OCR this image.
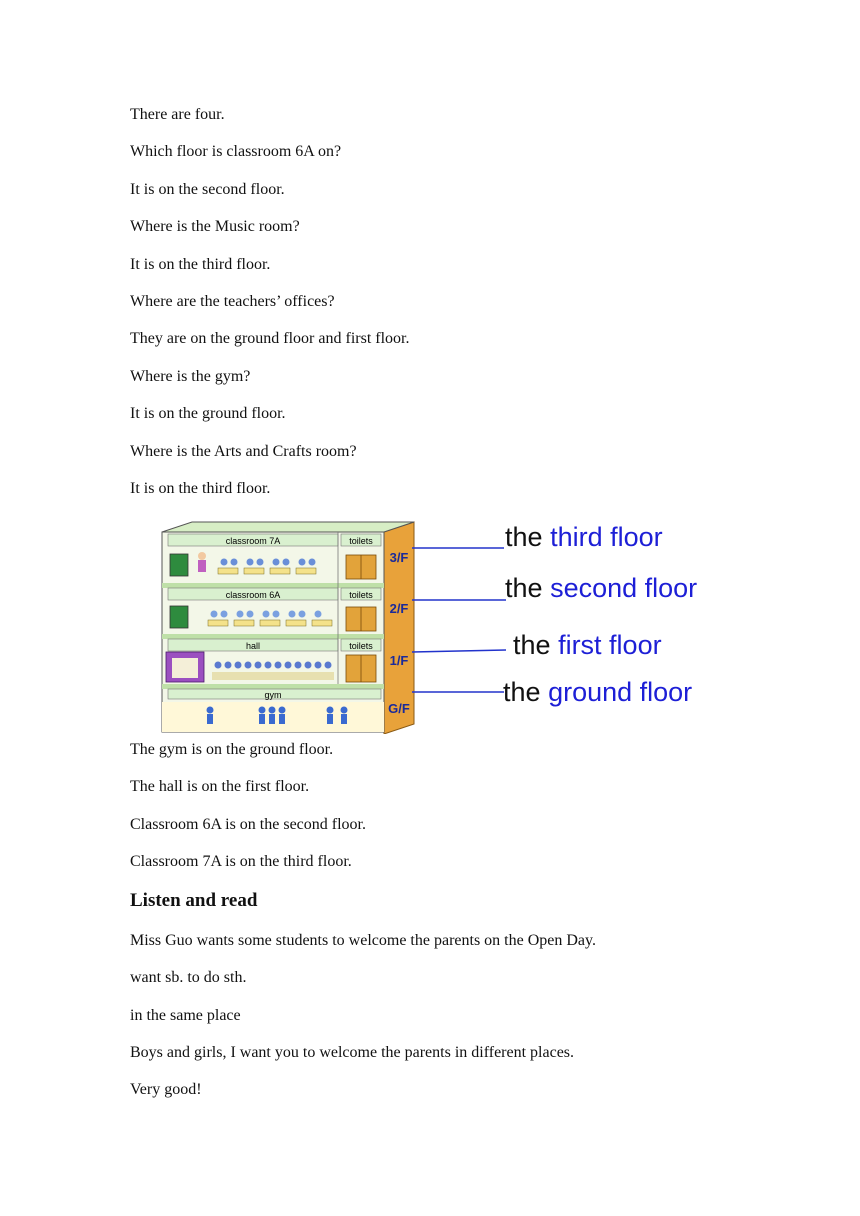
There are four.
Which floor is classroom 6A on?
It is on the second floor.
Where is the Music room?
It is on the third floor.
Where are the teachers’ offices?
They are on the ground floor and first floor.
Where is the gym?
It is on the ground floor.
Where is the Arts and Crafts room?
It is on the third floor.
classroom 7A	toilets
classroom 6A	toilets
hall	toilets
gym
3/F
2/F
1/F
G/F
the third floor
the second floor
the first floor
the ground floor
The gym is on the ground floor.
The hall is on the first floor.
Classroom 6A is on the second floor.
Classroom 7A is on the third floor.
Listen and read
Miss Guo wants some students to welcome the parents on the Open Day.
want sb. to do sth.
in the same place
Boys and girls, I want you to welcome the parents in different places.
Very good!
